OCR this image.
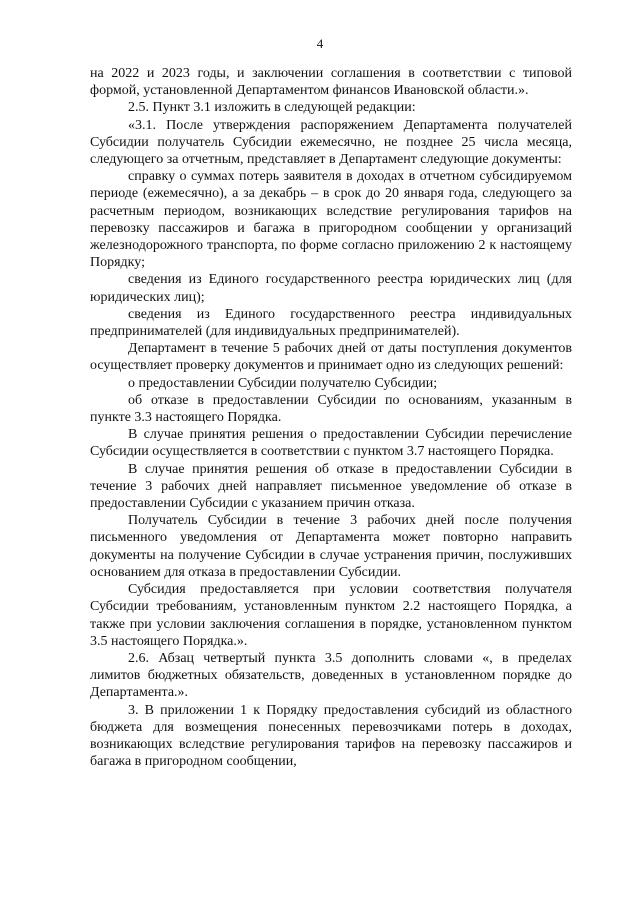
4

на 2022 и 2023 годы, и заключении соглашения в соответствии с типовой формой, установленной Департаментом финансов Ивановской области.».

2.5. Пункт 3.1 изложить в следующей редакции:

«3.1. После утверждения распоряжением Департамента получателей Субсидии получатель Субсидии ежемесячно, не позднее 25 числа месяца, следующего за отчетным, представляет в Департамент следующие документы:

справку о суммах потерь заявителя в доходах в отчетном субсидируемом периоде (ежемесячно), а за декабрь – в срок до 20 января года, следующего за расчетным периодом, возникающих вследствие регулирования тарифов на перевозку пассажиров и багажа в пригородном сообщении у организаций железнодорожного транспорта, по форме согласно приложению 2 к настоящему Порядку;

сведения из Единого государственного реестра юридических лиц (для юридических лиц);

сведения из Единого государственного реестра индивидуальных предпринимателей (для индивидуальных предпринимателей).

Департамент в течение 5 рабочих дней от даты поступления документов осуществляет проверку документов и принимает одно из следующих решений:

о предоставлении Субсидии получателю Субсидии;

об отказе в предоставлении Субсидии по основаниям, указанным в пункте 3.3 настоящего Порядка.

В случае принятия решения о предоставлении Субсидии перечисление Субсидии осуществляется в соответствии с пунктом 3.7 настоящего Порядка.

В случае принятия решения об отказе в предоставлении Субсидии в течение 3 рабочих дней направляет письменное уведомление об отказе в предоставлении Субсидии с указанием причин отказа.

Получатель Субсидии в течение 3 рабочих дней после получения письменного уведомления от Департамента может повторно направить документы на получение Субсидии в случае устранения причин, послуживших основанием для отказа в предоставлении Субсидии.

Субсидия предоставляется при условии соответствия получателя Субсидии требованиям, установленным пунктом 2.2 настоящего Порядка, а также при условии заключения соглашения в порядке, установленном пунктом 3.5 настоящего Порядка.».

2.6. Абзац четвертый пункта 3.5 дополнить словами «, в пределах лимитов бюджетных обязательств, доведенных в установленном порядке до Департамента.».

3. В приложении 1 к Порядку предоставления субсидий из областного бюджета для возмещения понесенных перевозчиками потерь в доходах, возникающих вследствие регулирования тарифов на перевозку пассажиров и багажа в пригородном сообщении,
